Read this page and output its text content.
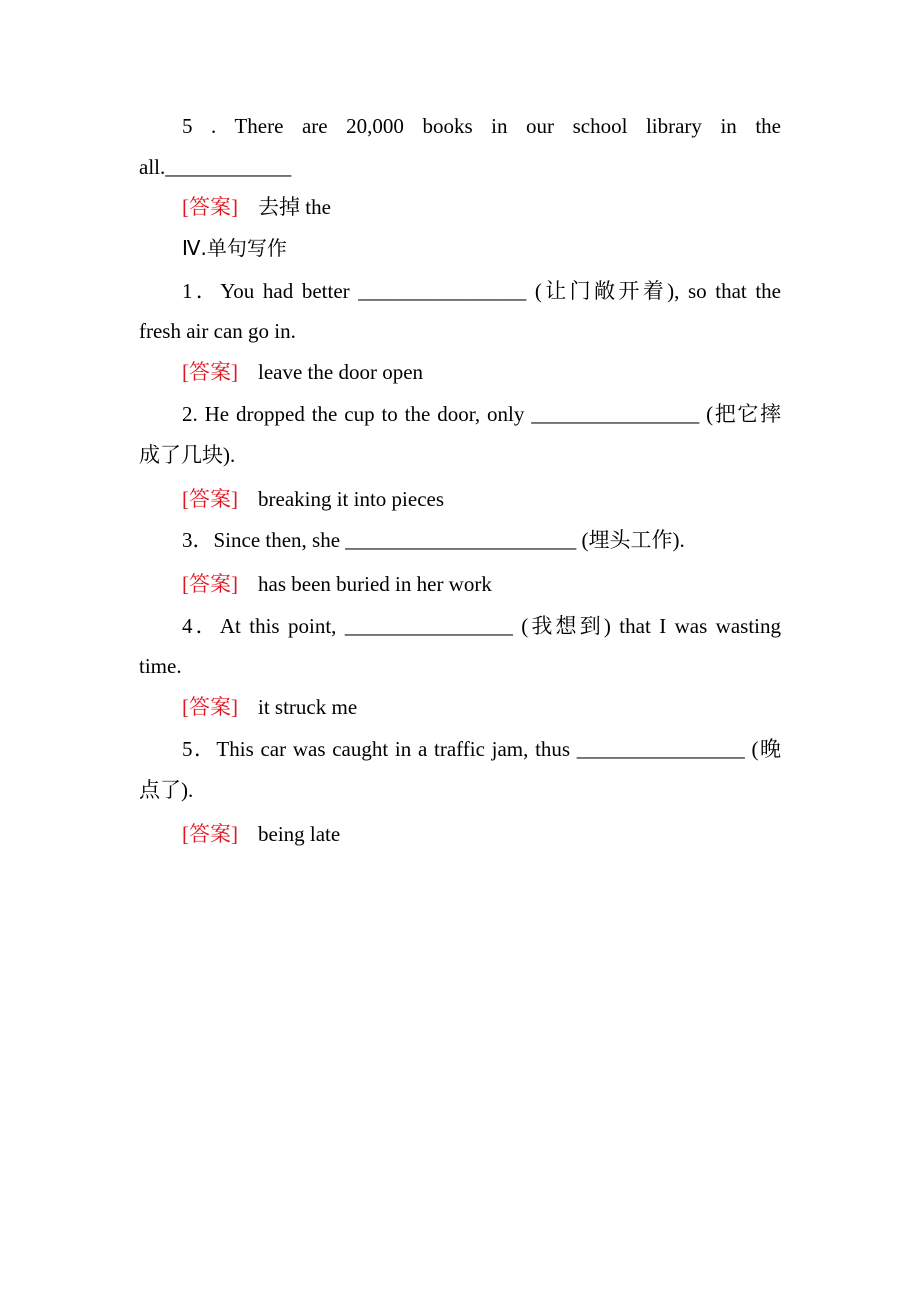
5 . There are 20,000 books in our school library in the
all.____________
[答案] 去掉 the
Ⅳ.单句写作
1．You had better ________________ (让门敞开着), so that the
fresh air can go in.
[答案] leave the door open
2. He dropped the cup to the door, only ________________ (把它摔
成了几块).
[答案] breaking it into pieces
3．Since then, she ______________________ (埋头工作).
[答案] has been buried in her work
4．At this point, ________________ (我想到) that I was wasting
time.
[答案] it struck me
5．This car was caught in a traffic jam, thus ________________ (晚
点了).
[答案] being late
